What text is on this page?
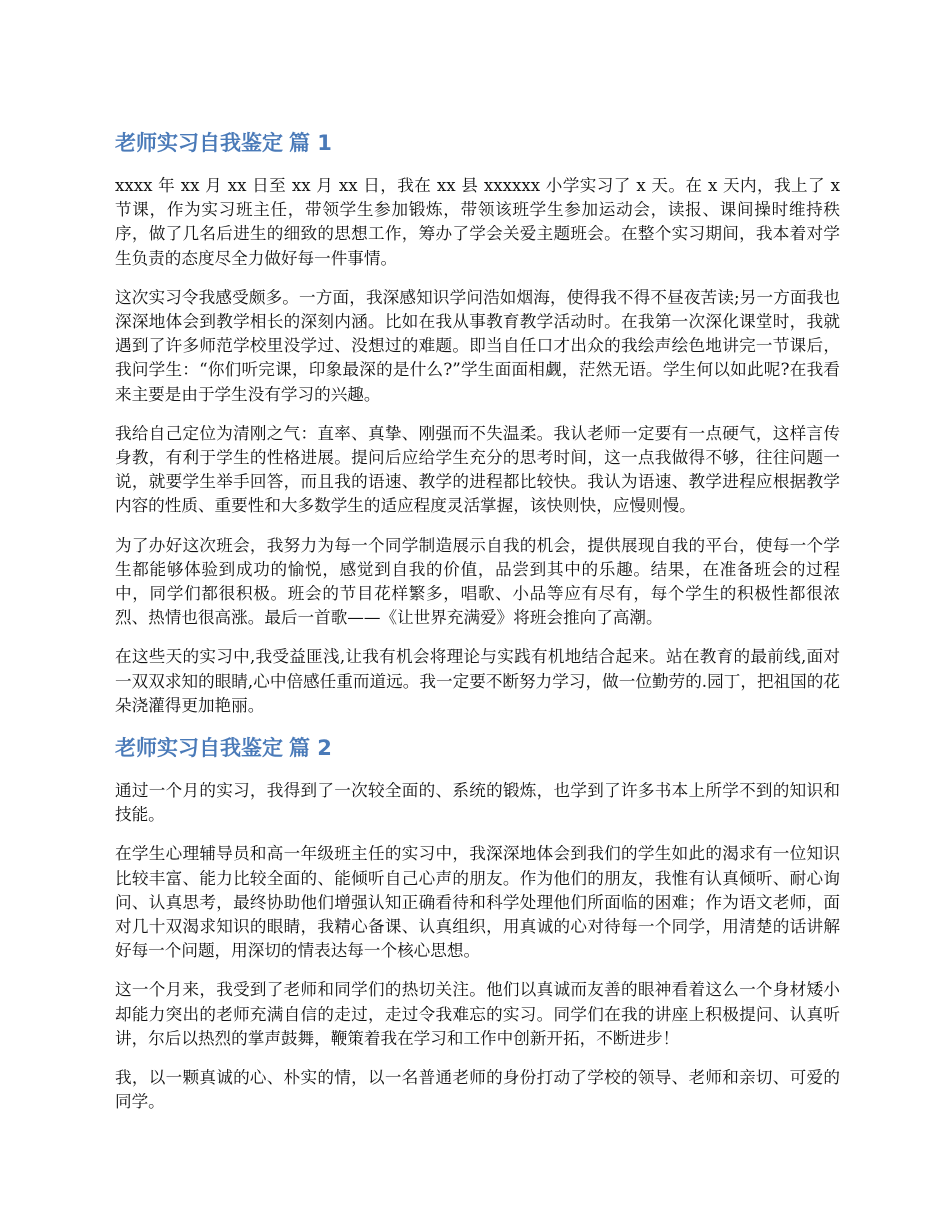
老师实习自我鉴定 篇 1

xxxx 年 xx 月 xx 日至 xx 月 xx 日，我在 xx 县 xxxxxx 小学实习了 x 天。在 x 天内，我上了 x 节课，作为实习班主任，带领学生参加锻炼，带领该班学生参加运动会，读报、课间操时维持秩序，做了几名后进生的细致的思想工作，筹办了学会关爱主题班会。在整个实习期间，我本着对学生负责的态度尽全力做好每一件事情。

这次实习令我感受颇多。一方面，我深感知识学问浩如烟海，使得我不得不昼夜苦读;另一方面我也深深地体会到教学相长的深刻内涵。比如在我从事教育教学活动时。在我第一次深化课堂时，我就遇到了许多师范学校里没学过、没想过的难题。即当自任口才出众的我绘声绘色地讲完一节课后，我问学生：“你们听完课，印象最深的是什么?”学生面面相觑，茫然无语。学生何以如此呢?在我看来主要是由于学生没有学习的兴趣。

我给自己定位为清刚之气：直率、真挚、刚强而不失温柔。我认老师一定要有一点硬气，这样言传身教，有利于学生的性格进展。提问后应给学生充分的思考时间，这一点我做得不够，往往问题一说，就要学生举手回答，而且我的语速、教学的进程都比较快。我认为语速、教学进程应根据教学内容的性质、重要性和大多数学生的适应程度灵活掌握，该快则快，应慢则慢。

为了办好这次班会，我努力为每一个同学制造展示自我的机会，提供展现自我的平台，使每一个学生都能够体验到成功的愉悦，感觉到自我的价值，品尝到其中的乐趣。结果，在准备班会的过程中，同学们都很积极。班会的节目花样繁多，唱歌、小品等应有尽有，每个学生的积极性都很浓烈、热情也很高涨。最后一首歌——《让世界充满爱》将班会推向了高潮。

在这些天的实习中,我受益匪浅,让我有机会将理论与实践有机地结合起来。站在教育的最前线,面对一双双求知的眼睛,心中倍感任重而道远。我一定要不断努力学习，做一位勤劳的.园丁，把祖国的花朵浇灌得更加艳丽。

老师实习自我鉴定 篇 2

通过一个月的实习，我得到了一次较全面的、系统的锻炼，也学到了许多书本上所学不到的知识和技能。

在学生心理辅导员和高一年级班主任的实习中，我深深地体会到我们的学生如此的渴求有一位知识比较丰富、能力比较全面的、能倾听自己心声的朋友。作为他们的朋友，我惟有认真倾听、耐心询问、认真思考，最终协助他们增强认知正确看待和科学处理他们所面临的困难；作为语文老师，面对几十双渴求知识的眼睛，我精心备课、认真组织，用真诚的心对待每一个同学，用清楚的话讲解好每一个问题，用深切的情表达每一个核心思想。

这一个月来，我受到了老师和同学们的热切关注。他们以真诚而友善的眼神看着这么一个身材矮小却能力突出的老师充满自信的走过，走过令我难忘的实习。同学们在我的讲座上积极提问、认真听讲，尔后以热烈的掌声鼓舞，鞭策着我在学习和工作中创新开拓，不断进步！

我，以一颗真诚的心、朴实的情，以一名普通老师的身份打动了学校的领导、老师和亲切、可爱的同学。
